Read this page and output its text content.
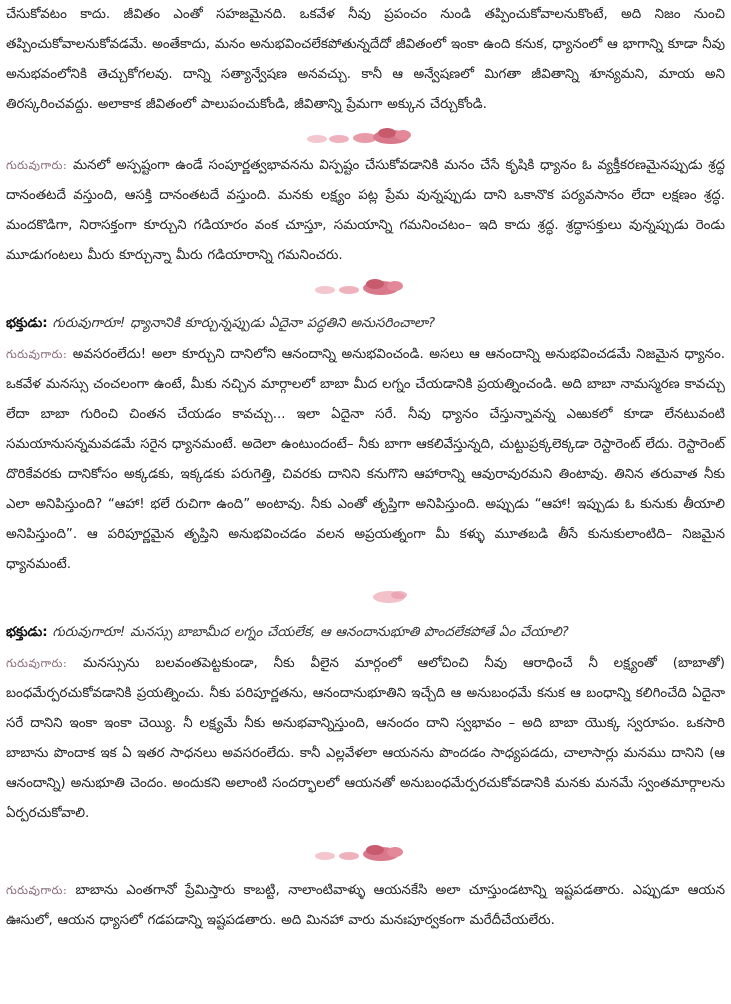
చేసుకోవటం కాదు. జీవితం ఎంతో సహజమైనది. ఒకవేళ నీవు ప్రపంచం నుండి తప్పించుకోవాలనుకొంటే, అది నిజం నుంచి తప్పించుకోవాలనుకోవడమే. అంతేకాదు, మనం అనుభవించలేకపోతున్నదేదో జీవితంలో ఇంకా ఉంది కనుక, ధ్యానంలో ఆ భాగాన్ని కూడా నీవు అనుభవంలోనికి తెచ్చుకోగలవు. దాన్ని సత్యాన్వేషణ అనవచ్చు. కానీ ఆ అన్వేషణలో మిగతా జీవితాన్ని శూన్యమని, మాయ అని తిరస్కరించవద్దు. అలాకాక జీవితంలో పాలుపంచుకోండి, జీవితాన్ని ప్రేమగా అక్కున చేర్చుకోండి.

గురువుగారు: మనలో అస్పష్టంగా ఉండే సంపూర్ణత్వభావనను విస్పష్టం చేసుకోవడానికి మనం చేసే కృషికి ధ్యానం ఓ వ్యక్తీకరణమైనప్పుడు శ్రద్ధ దానంతటదే వస్తుంది, ఆసక్తి దానంతటదే వస్తుంది. మనకు లక్ష్యం పట్ల ప్రేమ వున్నప్పుడు దాని ఒకానొక పర్యవసానం లేదా లక్షణం శ్రద్ధ. మందకొడిగా, నిరాసక్తంగా కూర్చుని గడియారం వంక చూస్తూ, సమయాన్ని గమనించటం– ఇది కాదు శ్రద్ధ. శ్రద్ధాసక్తులు వున్నప్పుడు రెండు మూడుగంటలు మీరు కూర్చున్నా మీరు గడియారాన్ని గమనించరు.

భక్తుడు: గురువుగారూ! ధ్యానానికి కూర్చున్నప్పుడు ఏదైనా పద్ధతిని అనుసరించాలా?

గురువుగారు: అవసరంలేదు! అలా కూర్చుని దానిలోని ఆనందాన్ని అనుభవించండి. అసలు ఆ ఆనందాన్ని అనుభవించడమే నిజమైన ధ్యానం. ఒకవేళ మనస్సు చంచలంగా ఉంటే, మీకు నచ్చిన మార్గాలలో బాబా మీద లగ్నం చేయడానికి ప్రయత్నించండి. అది బాబా నామస్మరణ కావచ్చు లేదా బాబా గురించి చింతన చేయడం కావచ్చు... ఇలా ఏదైనా సరే. నీవు ధ్యానం చేస్తున్నావన్న ఎఱుకలో కూడా లేనటువంటి సమయానుసన్నమవడమే సరైన ధ్యానమంటే. అదెలా ఉంటుందంటే– నీకు బాగా ఆకలివేస్తున్నది, చుట్టుప్రక్కలెక్కడా రెస్టారెంట్ లేదు. రెస్టారెంట్ దొరికేవరకు దానికోసం అక్కడకు, ఇక్కడకు పరుగెత్తి, చివరకు దానిని కనుగొని ఆహారాన్ని ఆవురావురమని తింటావు. తినిన తరువాత నీకు ఎలా అనిపిస్తుంది? “ఆహా! భలే రుచిగా ఉంది” అంటావు. నీకు ఎంతో తృప్తిగా అనిపిస్తుంది. అప్పుడు “ఆహా! ఇప్పుడు ఓ కునుకు తీయాలి అనిపిస్తుంది”. ఆ పరిపూర్ణమైన తృప్తిని అనుభవించడం వలన అప్రయత్నంగా మీ కళ్ళు మూతబడి తీసే కునుకులాంటిది– నిజమైన ధ్యానమంటే.

భక్తుడు: గురువుగారూ! మనస్సు బాబామీద లగ్నం చేయలేక, ఆ ఆనందానుభూతి పొందలేకపోతే ఏం చేయాలి?

గురువుగారు: మనస్సును బలవంతపెట్టకుండా, నీకు వీలైన మార్గంలో ఆలోచించి నీవు ఆరాధించే నీ లక్ష్యంతో (బాబాతో) బంధమేర్పరచుకోవడానికి ప్రయత్నించు. నీకు పరిపూర్ణతను, ఆనందానుభూతిని ఇచ్చేది ఆ అనుబంధమే కనుక ఆ బంధాన్ని కలిగించేది ఏదైనా సరే దానిని ఇంకా ఇంకా చెయ్యి. నీ లక్ష్యమే నీకు అనుభవాన్నిస్తుంది, ఆనందం దాని స్వభావం – అది బాబా యొక్క స్వరూపం. ఒకసారి బాబాను పొందాక ఇక ఏ ఇతర సాధనలు అవసరంలేదు. కానీ ఎల్లవేళలా ఆయనను పొందడం సాధ్యపడదు, చాలాసార్లు మనము దానిని (ఆ ఆనందాన్ని) అనుభూతి చెందం. అందుకని అలాంటి సందర్భాలలో ఆయనతో అనుబంధమేర్పరచుకోవడానికి మనకు మనమే స్వంతమార్గాలను ఏర్పరచుకోవాలి.

గురువుగారు: బాబాను ఎంతగానో ప్రేమిస్తారు కాబట్టి, నాలాంటివాళ్ళు ఆయనకేసి అలా చూస్తుండటాన్ని ఇష్టపడతారు. ఎప్పుడూ ఆయన ఊసులో, ఆయన ధ్యాసలో గడపడాన్ని ఇష్టపడతారు. అది మినహా వారు మనఃపూర్వకంగా మరేదీచేయలేరు.
